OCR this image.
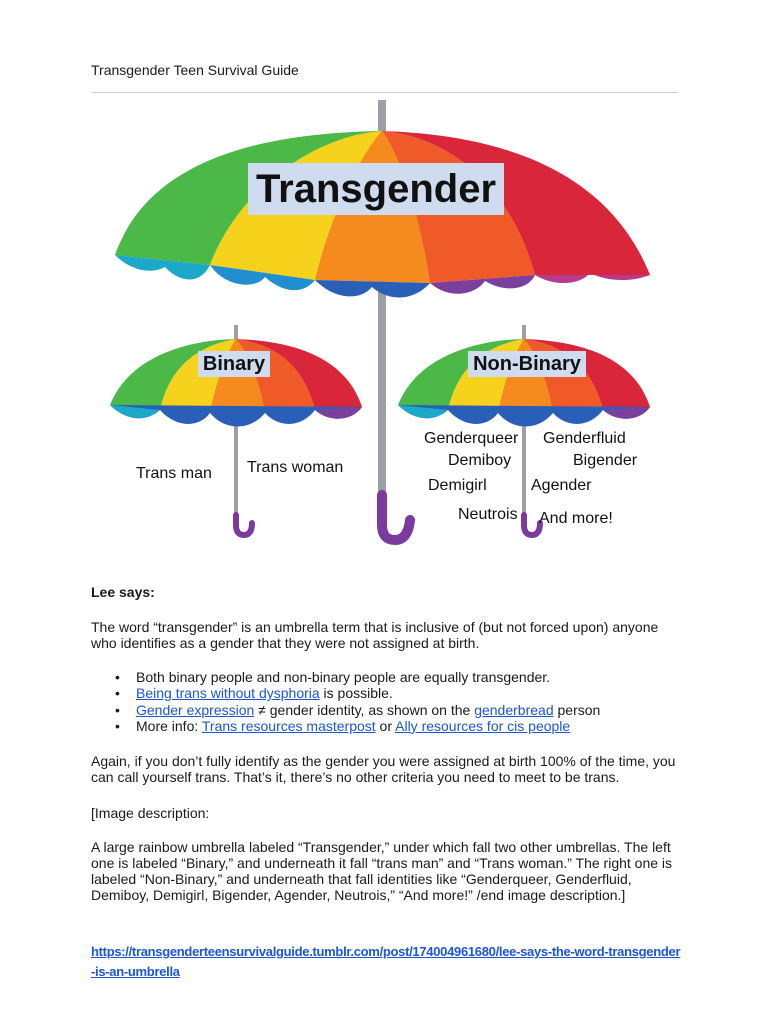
Transgender Teen Survival Guide
Transgender
Binary	Non-Binary
Trans man Trans woman
Genderqueer Genderfluid
Demiboy	Bigender
Demigirl	Agender
Neutrois And more!
Lee says:
The word “transgender” is an umbrella term that is inclusive of (but not forced upon) anyone who identifies as a gender that they were not assigned at birth.
• Both binary people and non-binary people are equally transgender.
• Being trans without dysphoria is possible.
• Gender expression ≠ gender identity, as shown on the genderbread person
• More info: Trans resources masterpost or Ally resources for cis people
Again, if you don’t fully identify as the gender you were assigned at birth 100% of the time, you can call yourself trans. That’s it, there’s no other criteria you need to meet to be trans.
[Image description:
A large rainbow umbrella labeled “Transgender,” under which fall two other umbrellas. The left one is labeled “Binary,” and underneath it fall “trans man” and “Trans woman.” The right one is labeled “Non-Binary,” and underneath that fall identities like “Genderqueer, Genderfluid, Demiboy, Demigirl, Bigender, Agender, Neutrois,” “And more!” /end image description.]
https://transgenderteensurvivalguide.tumblr.com/post/174004961680/lee-says-the-word-transgender-is-an-umbrella
